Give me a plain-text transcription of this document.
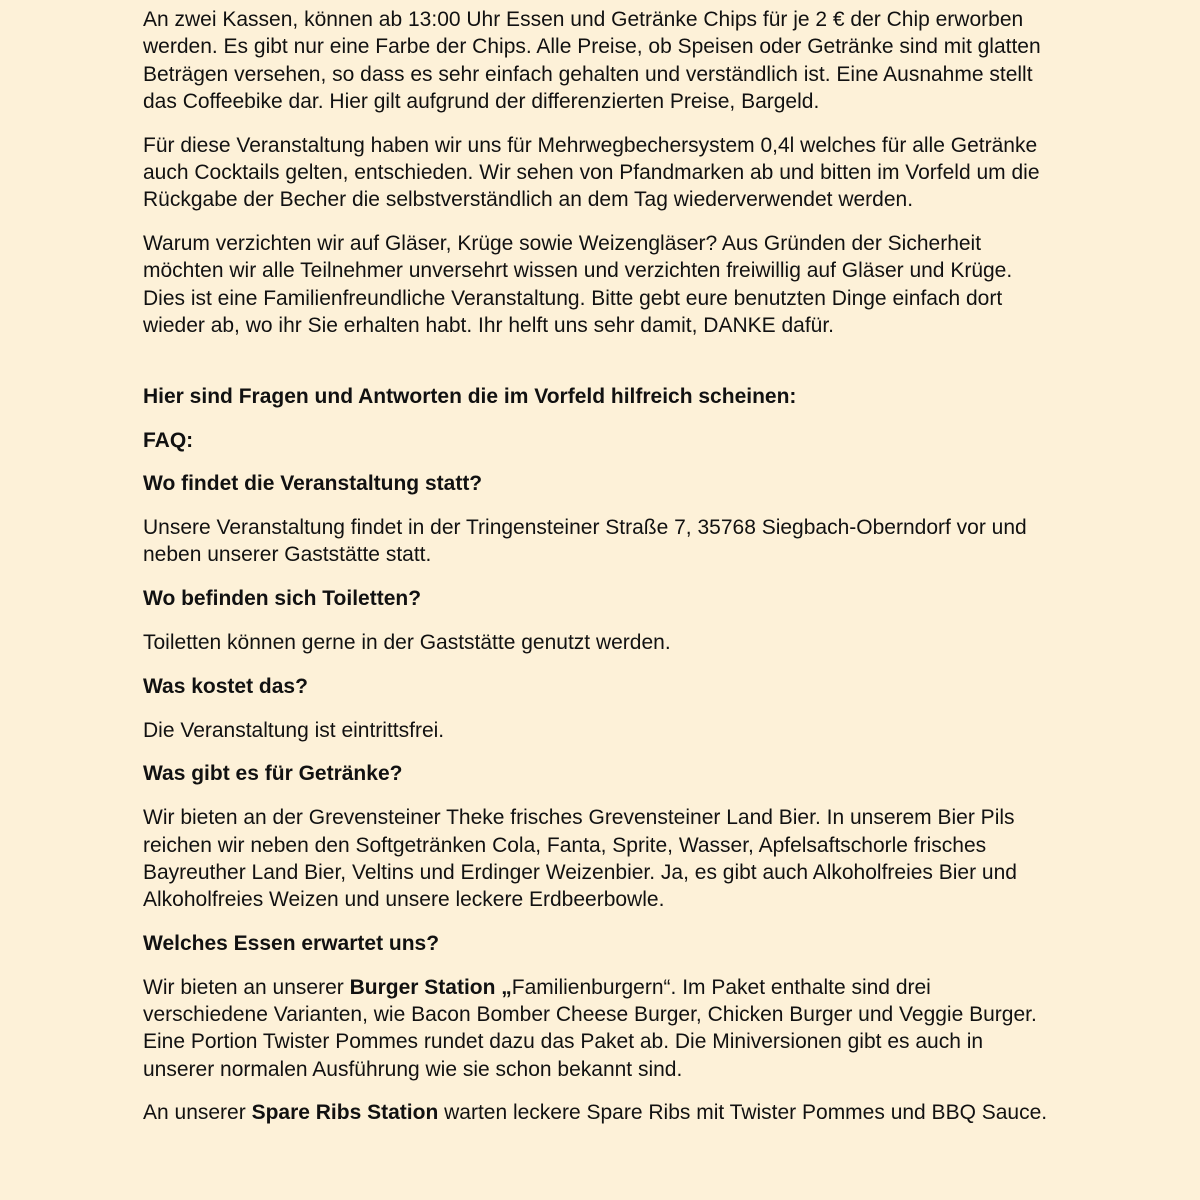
An zwei Kassen, können ab 13:00 Uhr Essen und Getränke Chips für je 2 € der Chip erworben werden. Es gibt nur eine Farbe der Chips. Alle Preise, ob Speisen oder Getränke sind mit glatten Beträgen versehen, so dass es sehr einfach gehalten und verständlich ist. Eine Ausnahme stellt das Coffeebike dar. Hier gilt aufgrund der differenzierten Preise, Bargeld.

Für diese Veranstaltung haben wir uns für Mehrwegbechersystem 0,4l welches für alle Getränke auch Cocktails gelten, entschieden. Wir sehen von Pfandmarken ab und bitten im Vorfeld um die Rückgabe der Becher die selbstverständlich an dem Tag wiederverwendet werden.

Warum verzichten wir auf Gläser, Krüge sowie Weizengläser? Aus Gründen der Sicherheit möchten wir alle Teilnehmer unversehrt wissen und verzichten freiwillig auf Gläser und Krüge. Dies ist eine Familienfreundliche Veranstaltung. Bitte gebt eure benutzten Dinge einfach dort wieder ab, wo ihr Sie erhalten habt. Ihr helft uns sehr damit, DANKE dafür.

Hier sind Fragen und Antworten die im Vorfeld hilfreich scheinen:
FAQ:
Wo findet die Veranstaltung statt?

Unsere Veranstaltung findet in der Tringensteiner Straße 7, 35768 Siegbach-Oberndorf vor und neben unserer Gaststätte statt.

Wo befinden sich Toiletten?

Toiletten können gerne in der Gaststätte genutzt werden.

Was kostet das?

Die Veranstaltung ist eintrittsfrei.

Was gibt es für Getränke?

Wir bieten an der Grevensteiner Theke frisches Grevensteiner Land Bier. In unserem Bier Pils reichen wir neben den Softgetränken Cola, Fanta, Sprite, Wasser, Apfelsaftschorle frisches Bayreuther Land Bier, Veltins und Erdinger Weizenbier. Ja, es gibt auch Alkoholfreies Bier und Alkoholfreies Weizen und unsere leckere Erdbeerbowle.

Welches Essen erwartet uns?

Wir bieten an unserer Burger Station „Familienburgern“. Im Paket enthalte sind drei verschiedene Varianten, wie Bacon Bomber Cheese Burger, Chicken Burger und Veggie Burger. Eine Portion Twister Pommes rundet dazu das Paket ab. Die Miniversionen gibt es auch in unserer normalen Ausführung wie sie schon bekannt sind.

An unserer Spare Ribs Station warten leckere Spare Ribs mit Twister Pommes und BBQ Sauce.
